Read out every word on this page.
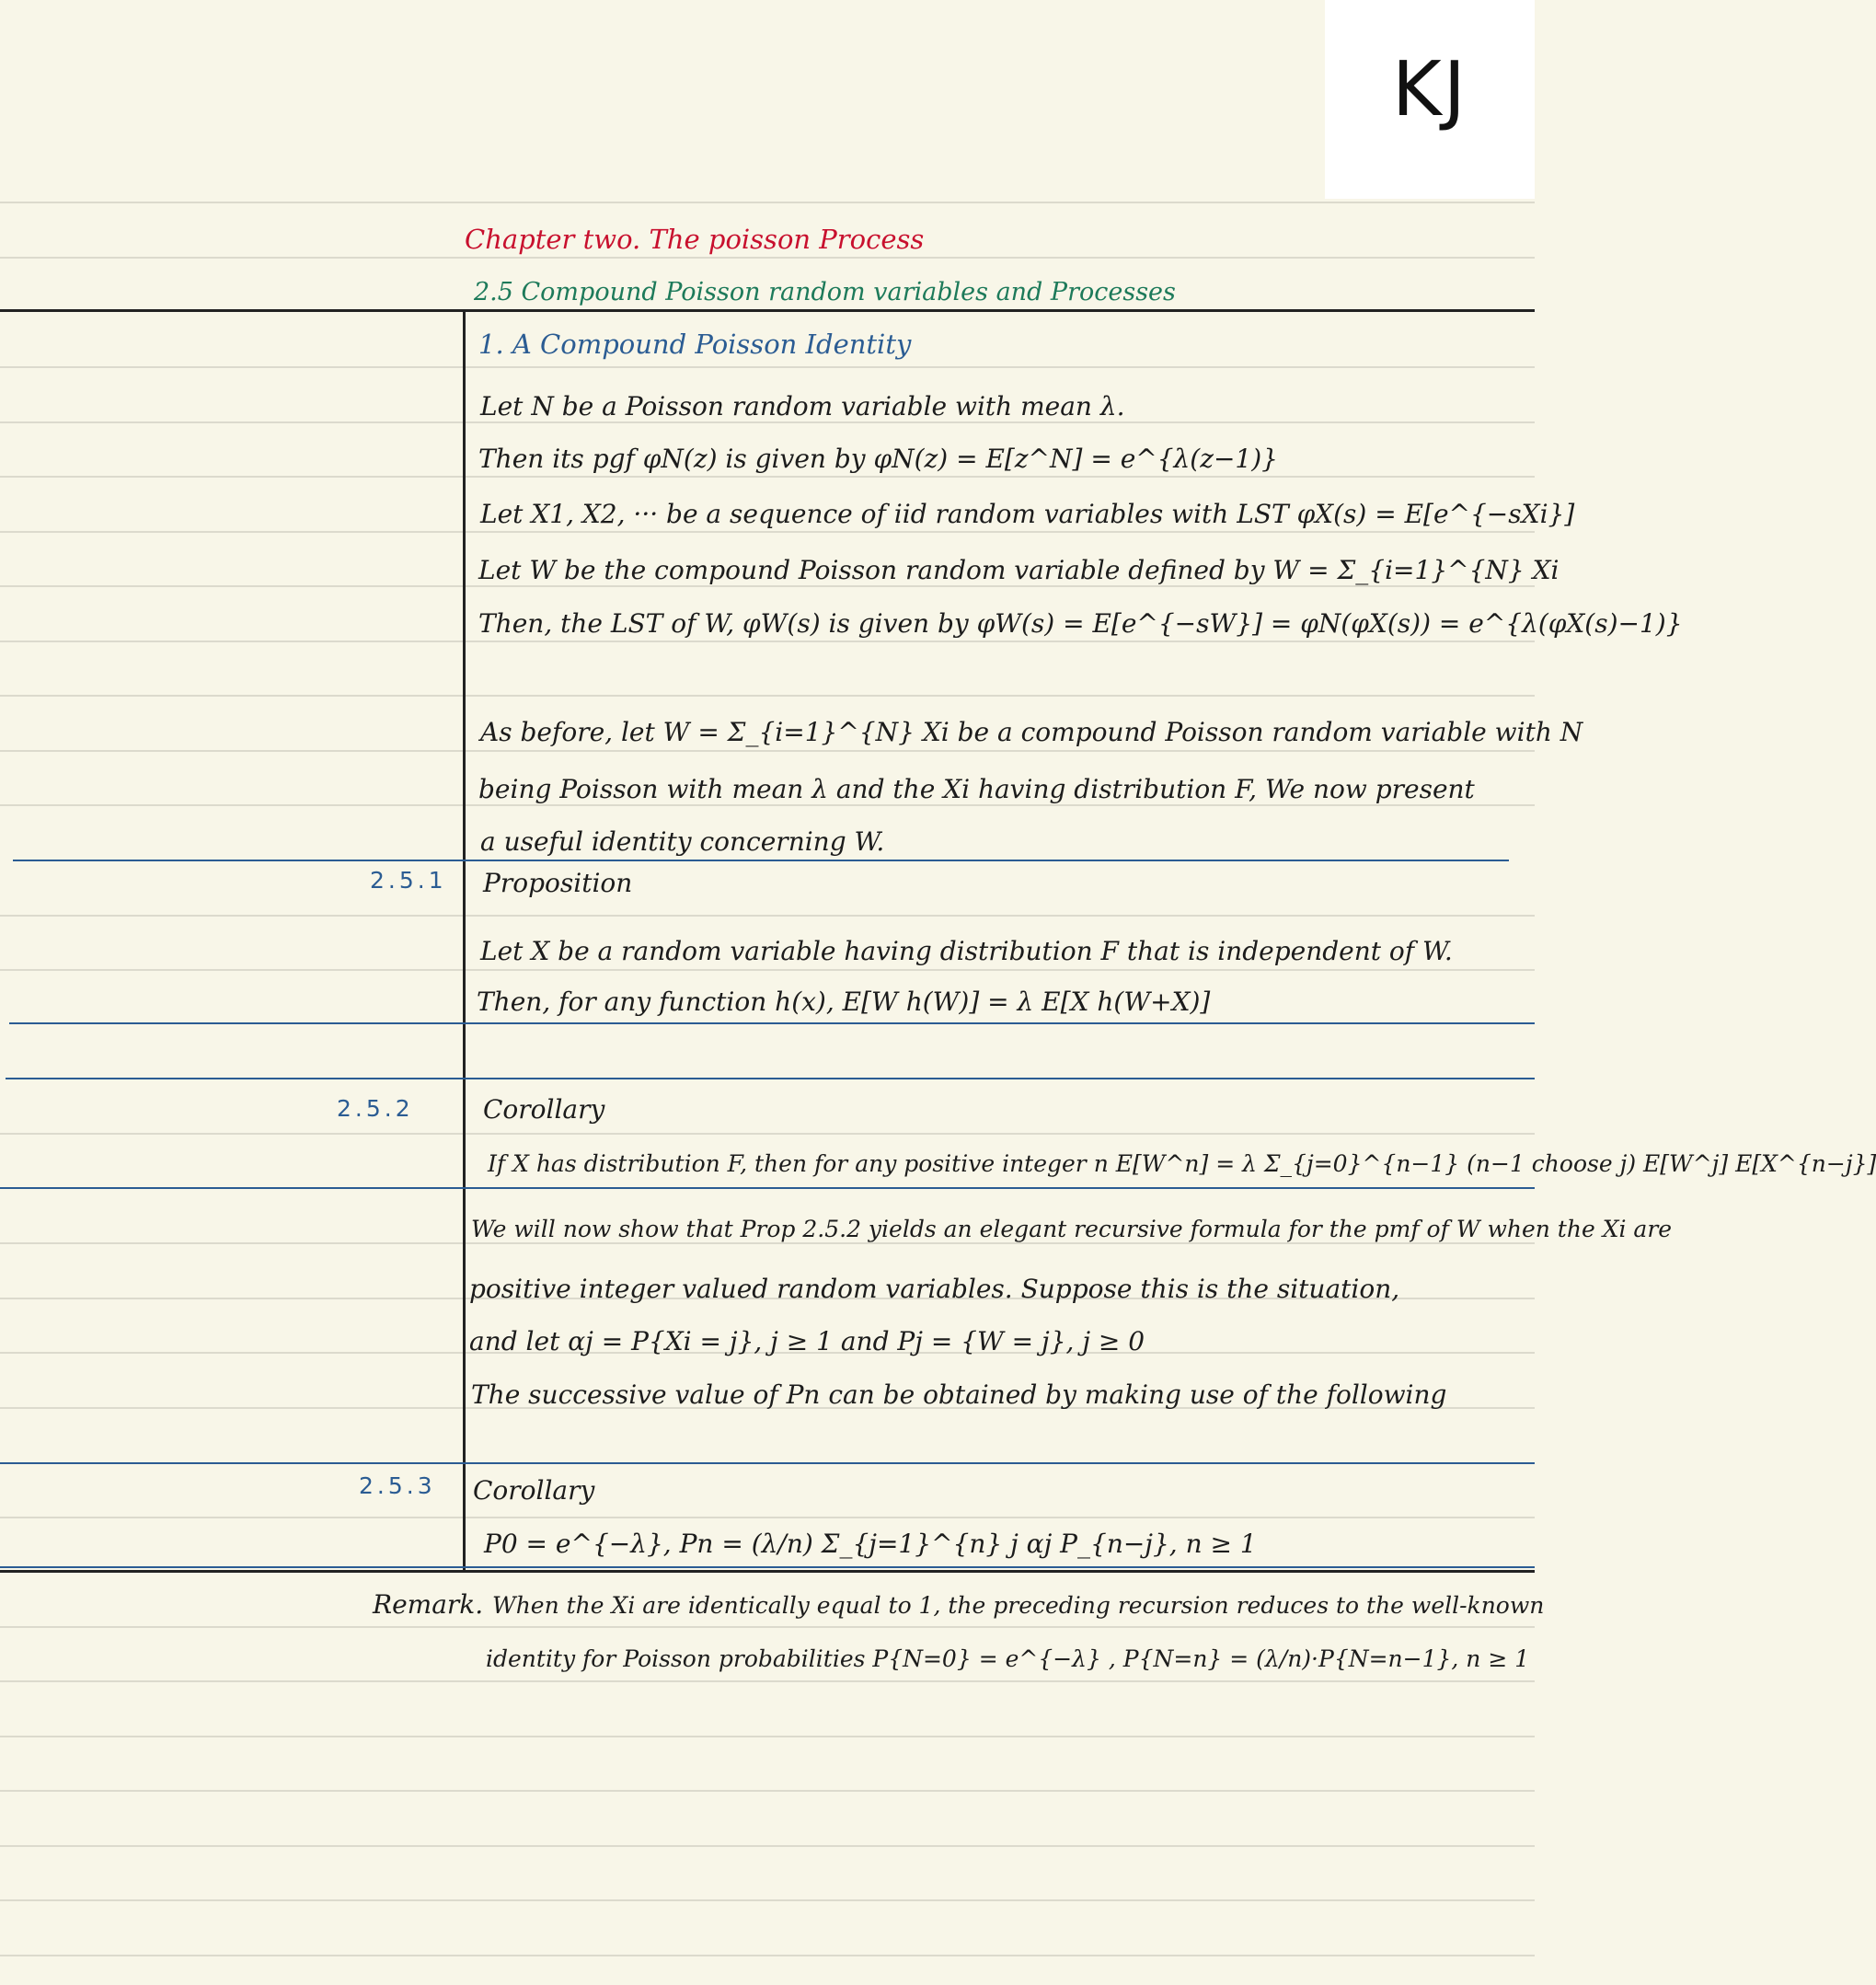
KJ
Chapter two. The poisson Process
2.5 Compound Poisson random variables and Processes
1. A Compound Poisson Identity
Let N be a Poisson random variable with mean λ.
Then its pgf φN(z) is given by φN(z) = E[z^N] = e^{λ(z−1)}
Let X1, X2, ··· be a sequence of iid random variables with LST φX(s) = E[e^{−sXi}]
Let W be the compound Poisson random variable defined by W = Σ_{i=1}^{N} Xi
Then, the LST of W, φW(s) is given by φW(s) = E[e^{−sW}] = φN(φX(s)) = e^{λ(φX(s)−1)}
As before, let W = Σ_{i=1}^{N} Xi be a compound Poisson random variable with N
being Poisson with mean λ and the Xi having distribution F, We now present
a useful identity concerning W.
2.5.1 Proposition
Let X be a random variable having distribution F that is independent of W.
Then, for any function h(x), E[W h(W)] = λ E[X h(W+X)]
2.5.2	Corollary
If X has distribution F, then for any positive integer n E[W^n] = λ Σ_{j=0}^{n−1} (n−1 choose j) E[W^j] E[X^{n−j}]
We will now show that Prop 2.5.2 yields an elegant recursive formula for the pmf of W when the Xi are
positive integer valued random variables. Suppose this is the situation,
and let αj = P{Xi = j}, j ≥ 1 and Pj = {W = j}, j ≥ 0
The successive value of Pn can be obtained by making use of the following
2.5.3 Corollary
P0 = e^{−λ}, Pn = (λ/n) Σ_{j=1}^{n} j αj P_{n−j}, n ≥ 1
Remark. When the Xi are identically equal to 1, the preceding recursion reduces to the well-known
identity for Poisson probabilities P{N=0} = e^{−λ} , P{N=n} = (λ/n)·P{N=n−1}, n ≥ 1
